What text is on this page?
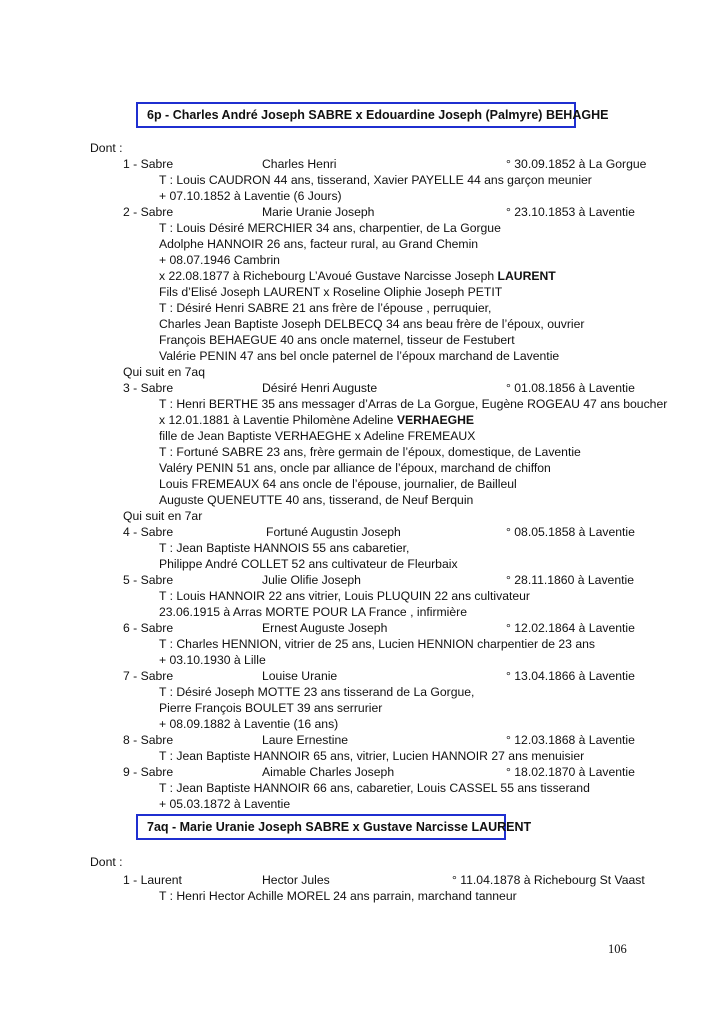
6p - Charles André Joseph SABRE x Edouardine Joseph (Palmyre) BEHAGHE
Dont :
1 - Sabre	Charles Henri	° 30.09.1852 à La Gorgue
T : Louis CAUDRON 44 ans, tisserand, Xavier PAYELLE 44 ans garçon meunier
+ 07.10.1852 à Laventie (6 Jours)
2 - Sabre	Marie Uranie Joseph	° 23.10.1853 à Laventie
T : Louis Désiré MERCHIER 34 ans, charpentier, de La Gorgue
Adolphe HANNOIR 26 ans, facteur rural, au Grand Chemin
+ 08.07.1946 Cambrin
x 22.08.1877 à Richebourg L’Avoué Gustave Narcisse Joseph LAURENT
Fils d’Elisé Joseph LAURENT x Roseline Oliphie Joseph PETIT
T : Désiré Henri SABRE 21 ans frère de l’épouse , perruquier,
Charles Jean Baptiste Joseph DELBECQ 34 ans beau frère de l’époux, ouvrier
François BEHAEGUE 40 ans oncle maternel, tisseur de Festubert
Valérie PENIN 47 ans bel oncle paternel de l’époux marchand de Laventie
Qui suit en 7aq
3 - Sabre	Désiré Henri Auguste	° 01.08.1856 à Laventie
T : Henri BERTHE 35 ans messager d’Arras de La Gorgue, Eugène ROGEAU 47 ans boucher
x 12.01.1881 à Laventie Philomène Adeline VERHAEGHE
fille de Jean Baptiste VERHAEGHE x Adeline FREMEAUX
T : Fortuné SABRE 23 ans, frère germain de l’époux, domestique, de Laventie
Valéry PENIN 51 ans, oncle par alliance de l’époux, marchand de chiffon
Louis FREMEAUX 64 ans oncle de l’épouse, journalier, de Bailleul
Auguste QUENEUTTE 40 ans, tisserand, de Neuf Berquin
Qui suit en 7ar
4 - Sabre	Fortuné Augustin Joseph	° 08.05.1858 à Laventie
T : Jean Baptiste HANNOIS 55 ans cabaretier,
Philippe André COLLET 52 ans cultivateur de Fleurbaix
5 - Sabre	Julie Olifie Joseph	° 28.11.1860 à Laventie
T : Louis HANNOIR 22 ans vitrier, Louis PLUQUIN 22 ans cultivateur
23.06.1915 à Arras MORTE POUR LA France , infirmière
6 - Sabre	Ernest Auguste Joseph	° 12.02.1864 à Laventie
T : Charles HENNION, vitrier de 25 ans, Lucien HENNION charpentier de 23 ans
+ 03.10.1930 à Lille
7 - Sabre	Louise Uranie	° 13.04.1866 à Laventie
T : Désiré Joseph MOTTE 23 ans tisserand de La Gorgue,
Pierre François BOULET 39 ans serrurier
+ 08.09.1882 à Laventie (16 ans)
8 - Sabre	Laure Ernestine	° 12.03.1868 à Laventie
T : Jean Baptiste HANNOIR 65 ans, vitrier, Lucien HANNOIR 27 ans menuisier
9 - Sabre	Aimable Charles Joseph	° 18.02.1870 à Laventie
T : Jean Baptiste HANNOIR 66 ans, cabaretier, Louis CASSEL 55 ans tisserand
+ 05.03.1872 à Laventie
7aq - Marie Uranie Joseph SABRE x Gustave Narcisse LAURENT
Dont :
1 - Laurent	Hector Jules	° 11.04.1878 à Richebourg St Vaast
T : Henri Hector Achille MOREL 24 ans parrain, marchand tanneur
106
